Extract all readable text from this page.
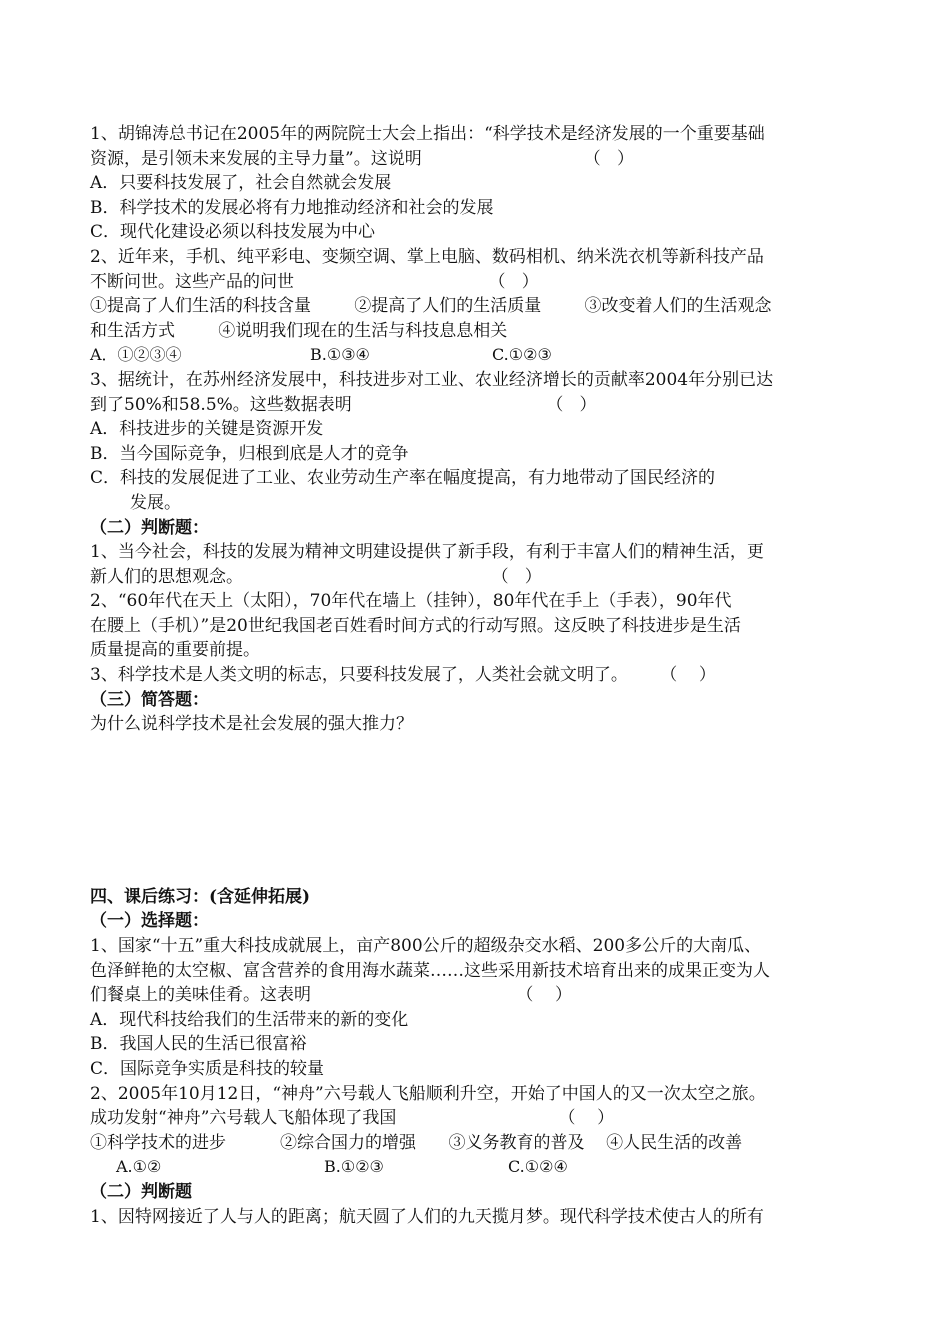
1、胡锦涛总书记在2005年的两院院士大会上指出：“科学技术是经济发展的一个重要基础
资源，是引领未来发展的主导力量”。这说明                              （   ）
A．只要科技发展了，社会自然就会发展
B．科学技术的发展必将有力地推动经济和社会的发展
C．现代化建设必须以科技发展为中心
2、近年来，手机、纯平彩电、变频空调、掌上电脑、数码相机、纳米洗衣机等新科技产品
不断问世。这些产品的问世                                    （   ）
①提高了人们生活的科技含量        ②提高了人们的生活质量        ③改变着人们的生活观念
和生活方式        ④说明我们现在的生活与科技息息相关
A．①②③④	B.①③④	C.①②③
3、据统计，在苏州经济发展中，科技进步对工业、农业经济增长的贡献率2004年分别已达
到了50%和58.5%。这些数据表明                                    （   ）
A．科技进步的关键是资源开发
B．当今国际竞争，归根到底是人才的竞争
C．科技的发展促进了工业、农业劳动生产率在幅度提高，有力地带动了国民经济的
发展。
（二）判断题：
1、当今社会，科技的发展为精神文明建设提供了新手段，有利于丰富人们的精神生活，更
新人们的思想观念。                                              （   ）
2、“60年代在天上（太阳），70年代在墙上（挂钟），80年代在手上（手表），90年代
在腰上（手机）”是20世纪我国老百姓看时间方式的行动写照。这反映了科技进步是生活
质量提高的重要前提。
3、科学技术是人类文明的标志，只要科技发展了，人类社会就文明了。      （    ）
（三）简答题：
为什么说科学技术是社会发展的强大推力？
四、课后练习：(含延伸拓展)
（一）选择题：
1、国家“十五”重大科技成就展上，亩产800公斤的超级杂交水稻、200多公斤的大南瓜、
色泽鲜艳的太空椒、富含营养的食用海水蔬菜……这些采用新技术培育出来的成果正变为人
们餐桌上的美味佳肴。这表明                                      （    ）
A．现代科技给我们的生活带来的新的变化
B．我国人民的生活已很富裕
C．国际竞争实质是科技的较量
2、2005年10月12日，“神舟”六号载人飞船顺利升空，开始了中国人的又一次太空之旅。
成功发射“神舟”六号载人飞船体现了我国                              （    ）
①科学技术的进步          ②综合国力的增强      ③义务教育的普及    ④人民生活的改善
A.①②	B.①②③	C.①②④
（二）判断题
1、因特网接近了人与人的距离；航天圆了人们的九天揽月梦。现代科学技术使古人的所有
